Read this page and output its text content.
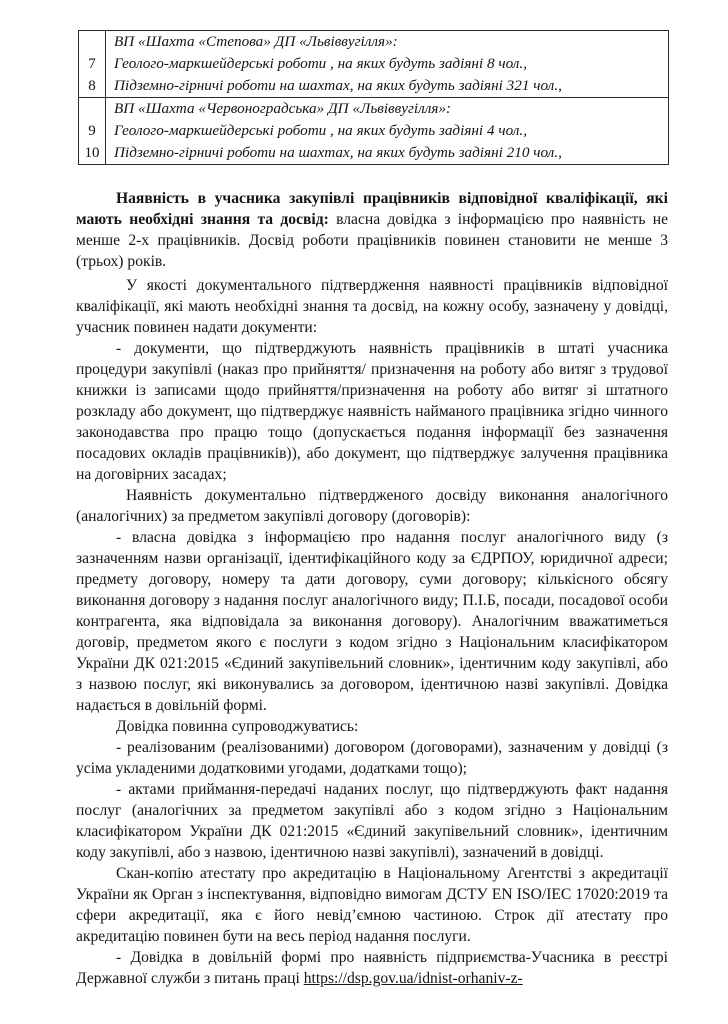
7
8
ВП «Шахта «Степова» ДП «Львіввугілля»:
Геолого-маркшейдерські роботи , на яких будуть задіяні 8 чол.,
Підземно-гірничі роботи на шахтах, на яких будуть задіяні 321 чол.,
9
10
ВП «Шахта «Червоноградська» ДП «Львіввугілля»:
Геолого-маркшейдерські роботи , на яких будуть задіяні 4 чол.,
Підземно-гірничі роботи на шахтах, на яких будуть задіяні 210 чол.,

Наявність в учасника закупівлі працівників відповідної кваліфікації, які мають необхідні знання та досвід: власна довідка з інформацією про наявність не менше 2-х працівників. Досвід роботи працівників повинен становити не менше 3 (трьох) років.

У якості документального підтвердження наявності працівників відповідної кваліфікації, які мають необхідні знання та досвід, на кожну особу, зазначену у довідці, учасник повинен надати документи:

- документи, що підтверджують наявність працівників в штаті учасника процедури закупівлі (наказ про прийняття/ призначення на роботу або витяг з трудової книжки із записами щодо прийняття/призначення на роботу або витяг зі штатного розкладу або документ, що підтверджує наявність найманого працівника згідно чинного законодавства про працю тощо (допускається подання інформації без зазначення посадових окладів працівників)), або документ, що підтверджує залучення працівника на договірних засадах;

Наявність документально підтвердженого досвіду виконання аналогічного (аналогічних) за предметом закупівлі договору (договорів):

- власна довідка з інформацією про надання послуг аналогічного виду (з зазначенням назви організації, ідентифікаційного коду за ЄДРПОУ, юридичної адреси; предмету договору, номеру та дати договору, суми договору; кількісного обсягу виконання договору з надання послуг аналогічного виду; П.І.Б, посади, посадової особи контрагента, яка відповідала за виконання договору). Аналогічним вважатиметься договір, предметом якого є послуги з кодом згідно з Національним класифікатором України ДК 021:2015 «Єдиний закупівельний словник», ідентичним коду закупівлі, або з назвою послуг, які виконувались за договором, ідентичною назві закупівлі. Довідка надається в довільній формі.

Довідка повинна супроводжуватись:

- реалізованим (реалізованими) договором (договорами), зазначеним у довідці (з усіма укладеними додатковими угодами, додатками тощо);

- актами приймання-передачі наданих послуг, що підтверджують факт надання послуг (аналогічних за предметом закупівлі або з кодом згідно з Національним класифікатором України ДК 021:2015 «Єдиний закупівельний словник», ідентичним коду закупівлі, або з назвою, ідентичною назві закупівлі), зазначений в довідці.

Скан-копію атестату про акредитацію в Національному Агентстві з акредитації України як Орган з інспектування, відповідно вимогам ДСТУ EN ISO/IEC 17020:2019 та сфери акредитації, яка є його невід’ємною частиною. Строк дії атестату про акредитацію повинен бути на весь період надання послуги.

- Довідка в довільній формі про наявність підприємства-Учасника в реєстрі Державної служби з питань праці https://dsp.gov.ua/idnist-orhaniv-z-
